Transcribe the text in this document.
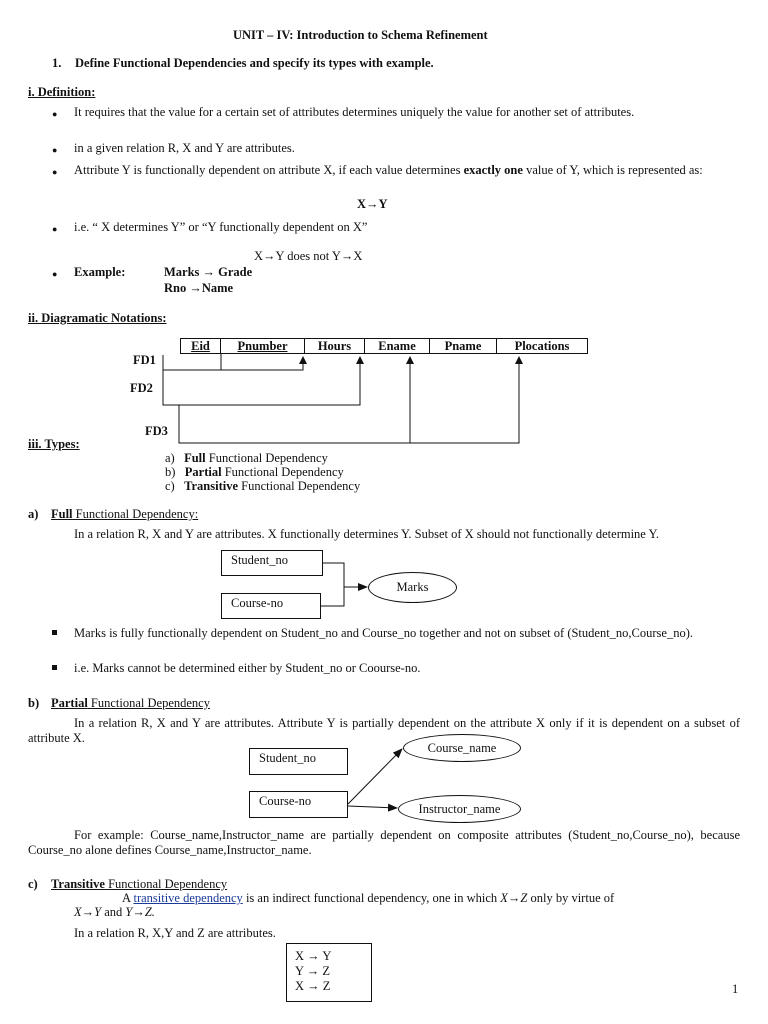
UNIT – IV: Introduction to Schema Refinement
1. Define Functional Dependencies and specify its types with example.
i. Definition:
● It requires that the value for a certain set of attributes determines uniquely the value for another set of attributes.
● in a given relation R, X and Y are attributes.
● Attribute Y is functionally dependent on attribute X, if each value determines exactly one value of Y, which is represented as:
X→Y
● i.e. “ X determines Y” or “Y functionally dependent on X”
X→Y does not Y→X
● Example:	Marks → Grade
Rno →Name
ii. Diagramatic Notations:
Eid	Pnumber	Hours	Ename	Pname	Plocations
FD1
FD2
FD3
iii. Types:
a) Full Functional Dependency
b) Partial Functional Dependency
c) Transitive Functional Dependency
a) Full Functional Dependency:
In a relation R, X and Y are attributes. X functionally determines Y. Subset of X should not functionally determine Y.
Student_no
Course-no
Marks
Marks is fully functionally dependent on Student_no and Course_no together and not on subset of (Student_no,Course_no).
i.e. Marks cannot be determined either by Student_no or Coourse-no.
b) Partial Functional Dependency
In a relation R, X and Y are attributes. Attribute Y is partially dependent on the attribute X only if it is dependent on a subset of attribute X.
Student_no
Course-no
Course_name
Instructor_name
For example: Course_name,Instructor_name are partially dependent on composite attributes (Student_no,Course_no), because Course_no alone defines Course_name,Instructor_name.
c) Transitive Functional Dependency
A transitive dependency is an indirect functional dependency, one in which X→Z only by virtue of
X→Y and Y→Z.
In a relation R, X,Y and Z are attributes.
X → Y
Y → Z
X → Z	1
